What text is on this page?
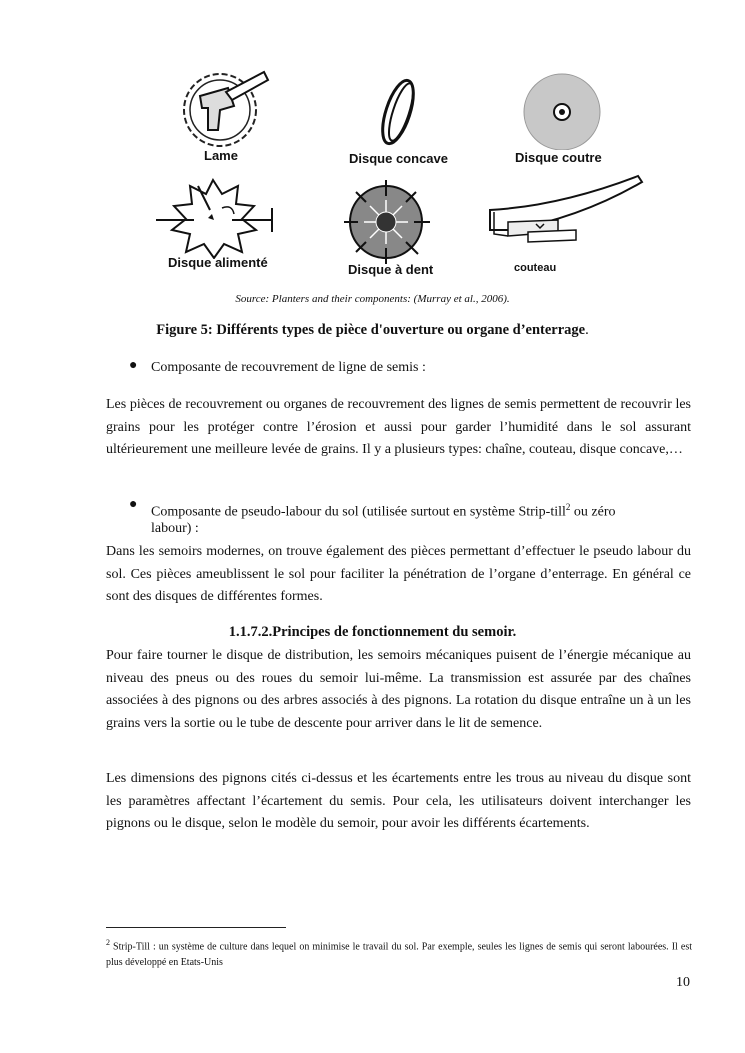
Lame	Disque concave	Disque coutre
Disque alimenté	Disque à dent	couteau
Source: Planters and their components: (Murray et al., 2006).
Figure 5: Différents types de pièce d'ouverture ou organe d’enterrage.
● Composante de recouvrement de ligne de semis :
Les pièces de recouvrement ou organes de recouvrement des lignes de semis permettent de recouvrir les grains pour les protéger contre l’érosion et aussi pour garder l’humidité dans le sol assurant ultérieurement une meilleure levée de grains. Il y a plusieurs types: chaîne, couteau, disque concave,…
●
Composante de pseudo-labour du sol (utilisée surtout en système Strip-till$^2$ ou zéro
labour) :
Dans les semoirs modernes, on trouve également des pièces permettant d’effectuer le pseudo labour du sol. Ces pièces ameublissent le sol pour faciliter la pénétration de l’organe d’enterrage. En général ce sont des disques de différentes formes.
1.1.7.2.Principes de fonctionnement du semoir.
Pour faire tourner le disque de distribution, les semoirs mécaniques puisent de l’énergie mécanique au niveau des pneus ou des roues du semoir lui-même. La transmission est assurée par des chaînes associées à des pignons ou des arbres associés à des pignons. La rotation du disque entraîne un à un les grains vers la sortie ou le tube de descente pour arriver dans le lit de semence.
Les dimensions des pignons cités ci-dessus et les écartements entre les trous au niveau du disque sont les paramètres affectant l’écartement du semis. Pour cela, les utilisateurs doivent interchanger les pignons ou le disque, selon le modèle du semoir, pour avoir les différents écartements.
$^2$ Strip-Till : un système de culture dans lequel on minimise le travail du sol. Par exemple, seules les lignes de semis qui seront labourées. Il est plus développé en Etats-Unis
10
